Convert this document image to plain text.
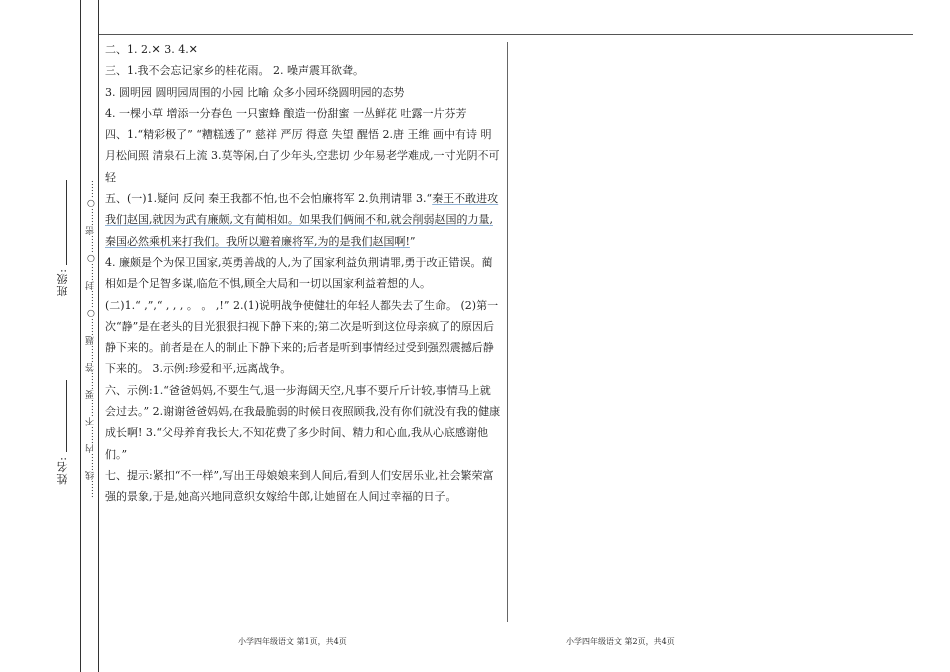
班级:
姓名: ……线……内……不……要……答……题……○……封……○……密……○……

二、1. 2.✕ 3. 4.✕

三、1.我不会忘记家乡的桂花雨。 2. 噪声震耳欲聋。

3. 圆明园 圆明园周围的小园 比喻 众多小园环绕圆明园的态势

4. 一棵小草 增添一分春色 一只蜜蜂 酿造一份甜蜜 一丛鲜花 吐露一片芬芳

四、1.“精彩极了” “糟糕透了” 慈祥 严厉 得意 失望 醒悟 2.唐 王维 画中有诗 明月松间照 清泉石上流 3.莫等闲,白了少年头,空悲切 少年易老学难成,一寸光阴不可轻

五、(一)1.疑问 反问 秦王我都不怕,也不会怕廉将军 2.负荆请罪 3.“秦王不敢进攻我们赵国,就因为武有廉颇,文有蔺相如。如果我们俩闹不和,就会削弱赵国的力量,秦国必然乘机来打我们。我所以避着廉将军,为的是我们赵国啊!”

4. 廉颇是个为保卫国家,英勇善战的人,为了国家利益负荆请罪,勇于改正错误。蔺相如是个足智多谋,临危不惧,顾全大局和一切以国家利益着想的人。

(二)1.“ ,”,“ , , , 。 。 ,!” 2.(1)说明战争使健壮的年轻人都失去了生命。 (2)第一次“静”是在老头的目光狠狠扫视下静下来的;第二次是听到这位母亲疯了的原因后静下来的。前者是在人的制止下静下来的;后者是听到事情经过受到强烈震撼后静下来的。 3.示例:珍爱和平,远离战争。

六、示例:1.“爸爸妈妈,不要生气,退一步海阔天空,凡事不要斤斤计较,事情马上就会过去。” 2.谢谢爸爸妈妈,在我最脆弱的时候日夜照顾我,没有你们就没有我的健康成长啊! 3.“父母养育我长大,不知花费了多少时间、精力和心血,我从心底感谢他们。”

七、提示:紧扣“不一样”,写出王母娘娘来到人间后,看到人们安居乐业,社会繁荣富强的景象,于是,她高兴地同意织女嫁给牛郎,让她留在人间过幸福的日子。

小学四年级语文 第1页，共4页	小学四年级语文 第2页，共4页
